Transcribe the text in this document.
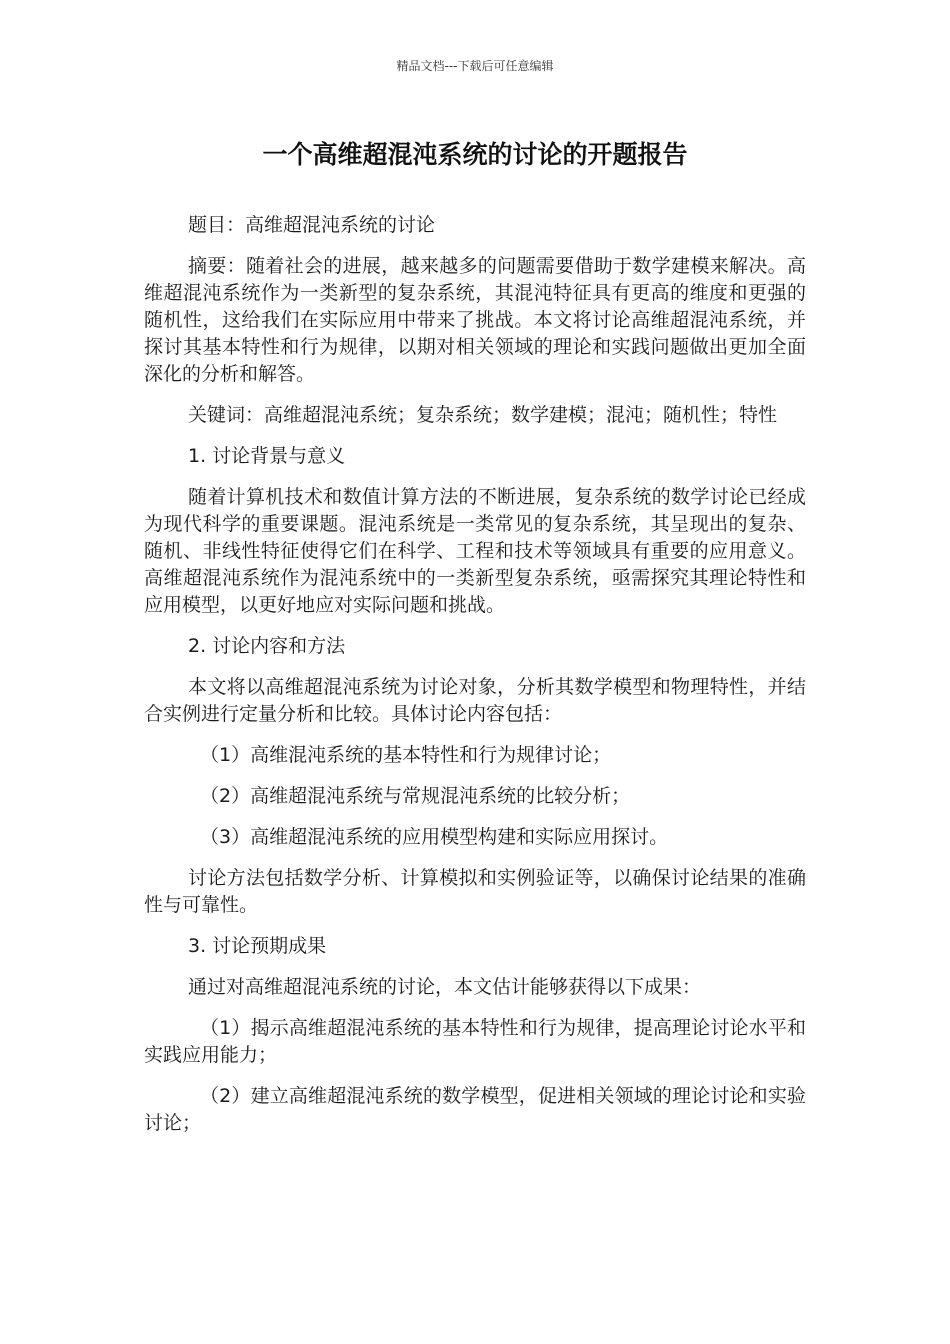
精品文档---下载后可任意编辑
一个高维超混沌系统的讨论的开题报告

题目：高维超混沌系统的讨论

摘要：随着社会的进展，越来越多的问题需要借助于数学建模来解决。高维超混沌系统作为一类新型的复杂系统，其混沌特征具有更高的维度和更强的随机性，这给我们在实际应用中带来了挑战。本文将讨论高维超混沌系统，并探讨其基本特性和行为规律，以期对相关领域的理论和实践问题做出更加全面深化的分析和解答。

关键词：高维超混沌系统；复杂系统；数学建模；混沌；随机性；特性

1. 讨论背景与意义

随着计算机技术和数值计算方法的不断进展，复杂系统的数学讨论已经成为现代科学的重要课题。混沌系统是一类常见的复杂系统，其呈现出的复杂、随机、非线性特征使得它们在科学、工程和技术等领域具有重要的应用意义。高维超混沌系统作为混沌系统中的一类新型复杂系统，亟需探究其理论特性和应用模型，以更好地应对实际问题和挑战。

2. 讨论内容和方法

本文将以高维超混沌系统为讨论对象，分析其数学模型和物理特性，并结合实例进行定量分析和比较。具体讨论内容包括：

（1）高维混沌系统的基本特性和行为规律讨论；

（2）高维超混沌系统与常规混沌系统的比较分析；

（3）高维超混沌系统的应用模型构建和实际应用探讨。

讨论方法包括数学分析、计算模拟和实例验证等，以确保讨论结果的准确性与可靠性。

3. 讨论预期成果

通过对高维超混沌系统的讨论，本文估计能够获得以下成果：

（1）揭示高维超混沌系统的基本特性和行为规律，提高理论讨论水平和实践应用能力；

（2）建立高维超混沌系统的数学模型，促进相关领域的理论讨论和实验讨论；
